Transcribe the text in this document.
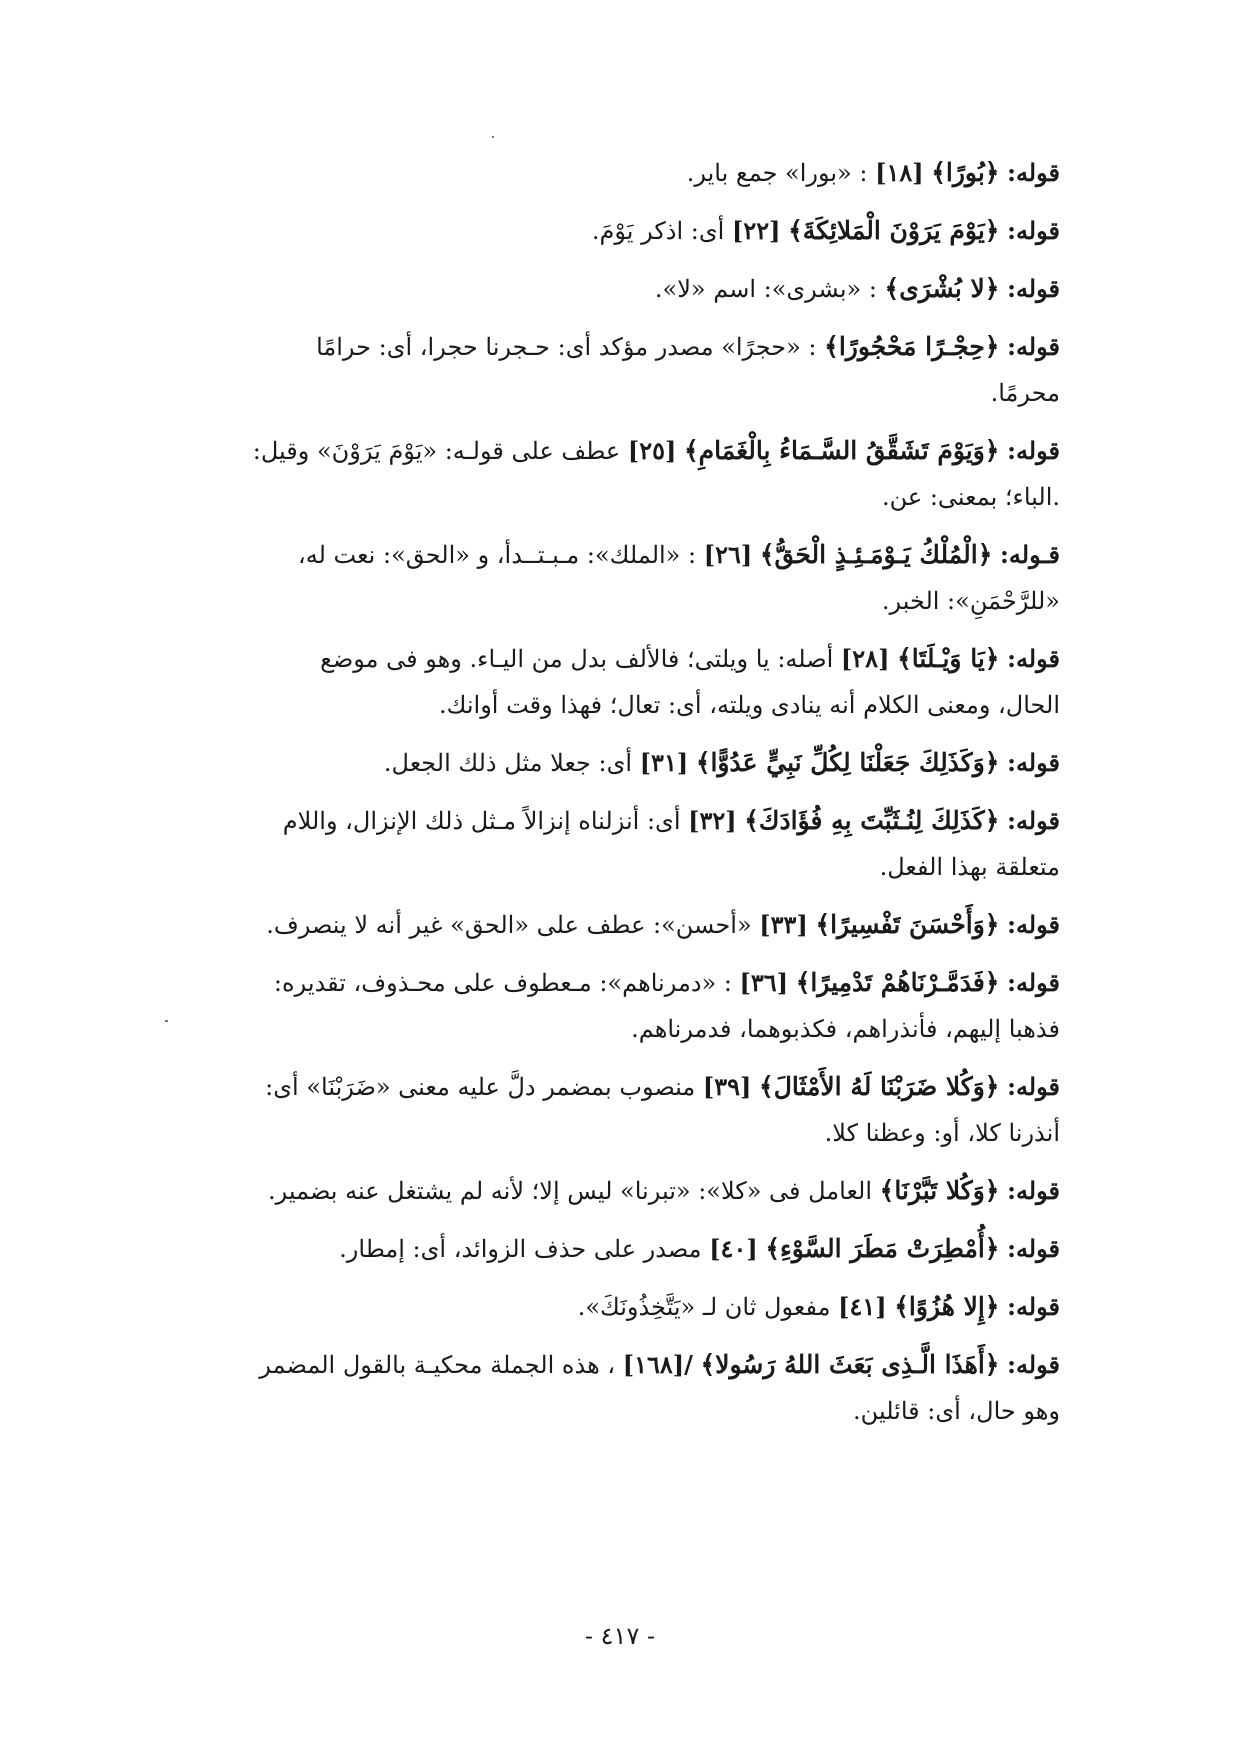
قوله: ﴿بُورًا﴾ [١٨] : «بورا» جمع باير.
قوله: ﴿يَوْمَ يَرَوْنَ الْمَلائِكَةَ﴾ [٢٢] أى: اذكر يَوْمَ.
قوله: ﴿لا بُشْرَى﴾ : «بشرى»: اسم «لا».
قوله: ﴿حِجْـرًا مَحْجُورًا﴾ : «حجرًا» مصدر مؤكد أى: حـجرنا حجرا، أى: حرامًا
محرمًا.
قوله: ﴿وَيَوْمَ تَشَقَّقُ السَّـمَاءُ بِالْغَمَامِ﴾ [٢٥] عطف على قولـه: «يَوْمَ يَرَوْنَ» وقيل:
.الباء؛ بمعنى: عن.
قـوله: ﴿الْمُلْكُ يَـوْمَـئِـذٍ الْحَقُّ﴾ [٢٦] : «الملك»: مـبـتــدأ، و «الحق»: نعت له،
«للرَّحْمَنِ»: الخبر.
قوله: ﴿يَا وَيْـلَتَا﴾ [٢٨] أصله: يا ويلتى؛ فالألف بدل من اليـاء. وهو فى موضع
الحال، ومعنى الكلام أنه ينادى ويلته، أى: تعال؛ فهذا وقت أوانك.
قوله: ﴿وَكَذَلِكَ جَعَلْنَا لِكُلِّ نَبِيٍّ عَدُوًّا﴾ [٣١] أى: جعلا مثل ذلك الجعل.
قوله: ﴿كَذَلِكَ لِنُـثَبِّتَ بِهِ فُؤَادَكَ﴾ [٣٢] أى: أنزلناه إنزالاً مـثل ذلك الإنزال، واللام
متعلقة بهذا الفعل.
قوله: ﴿وَأَحْسَنَ تَفْسِيرًا﴾ [٣٣] «أحسن»: عطف على «الحق» غير أنه لا ينصرف.
قوله: ﴿فَدَمَّـرْنَاهُمْ تَدْمِيرًا﴾ [٣٦] : «دمرناهم»: مـعطوف على محـذوف، تقديره:
فذهبا إليهم، فأنذراهم، فكذبوهما، فدمرناهم.
قوله: ﴿وَكُلا ضَرَبْنَا لَهُ الأَمْثَالَ﴾ [٣٩] منصوب بمضمر دلَّ عليه معنى «ضَرَبْنَا» أى:
أنذرنا كلا، أو: وعظنا كلا.
قوله: ﴿وَكُلا تَبَّرْنَا﴾ العامل فى «كلا»: «تبرنا» ليس إلا؛ لأنه لم يشتغل عنه بضمير.
قوله: ﴿أُمْطِرَتْ مَطَرَ السَّوْءِ﴾ [٤٠] مصدر على حذف الزوائد، أى: إمطار.
قوله: ﴿إِلا هُزُوًا﴾ [٤١] مفعول ثان لـ «يَتَّخِذُونَكَ».
قوله: ﴿أَهَذَا الَّـذِى بَعَثَ اللهُ رَسُولا﴾ /[١٦٨] ، هذه الجملة محكيـة بالقول المضمر
وهو حال، أى: قائلين.
- ٤١٧ -
